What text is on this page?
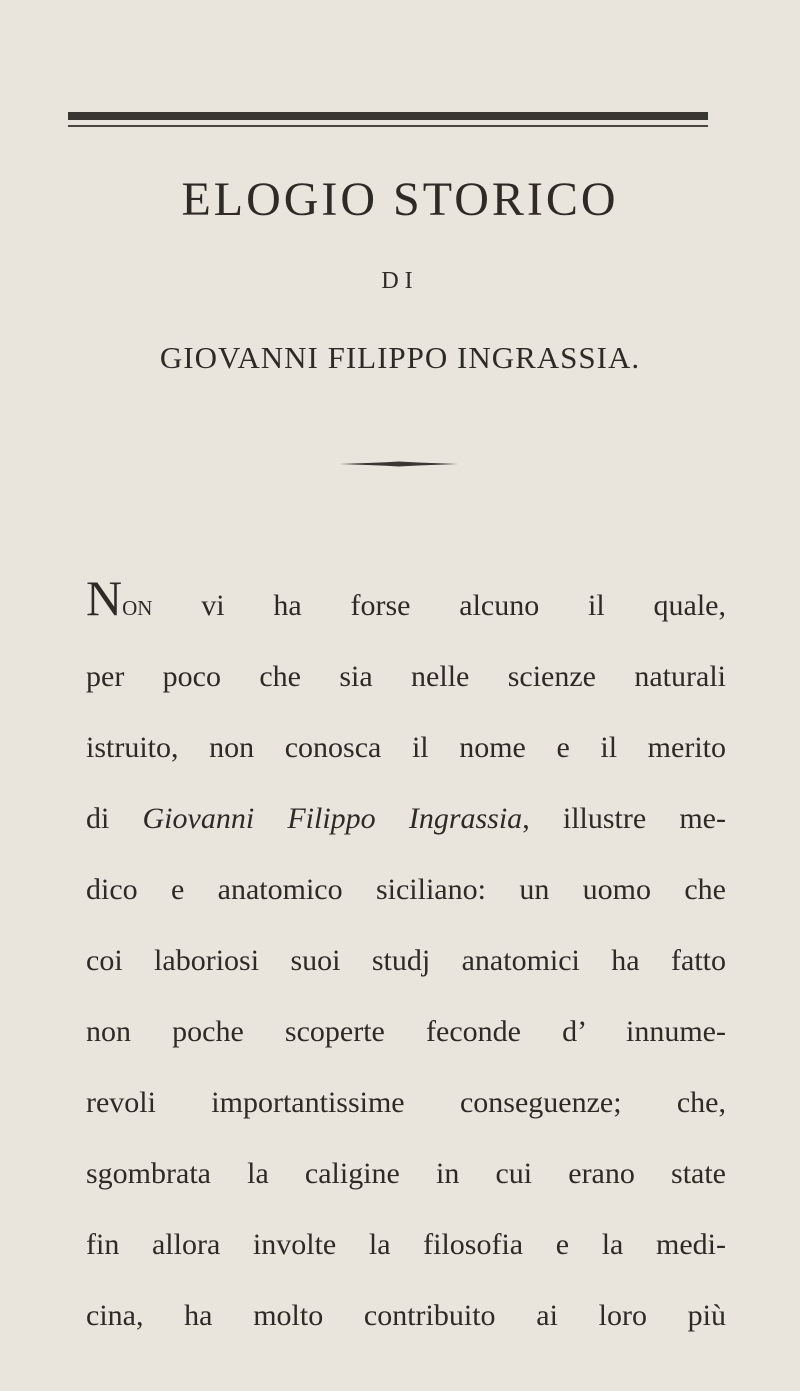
ELOGIO STORICO
DI
GIOVANNI FILIPPO INGRASSIA.
Non vi ha forse alcuno il quale,
per poco che sia nelle scienze naturali
istruito, non conosca il nome e il merito
di Giovanni Filippo Ingrassia, illustre me-
dico e anatomico siciliano: un uomo che
coi laboriosi suoi studj anatomici ha fatto
non poche scoperte feconde d’ innume-
revoli importantissime conseguenze; che,
sgombrata la caligine in cui erano state
fin allora involte la filosofia e la medi-
cina, ha molto contribuito ai loro più
